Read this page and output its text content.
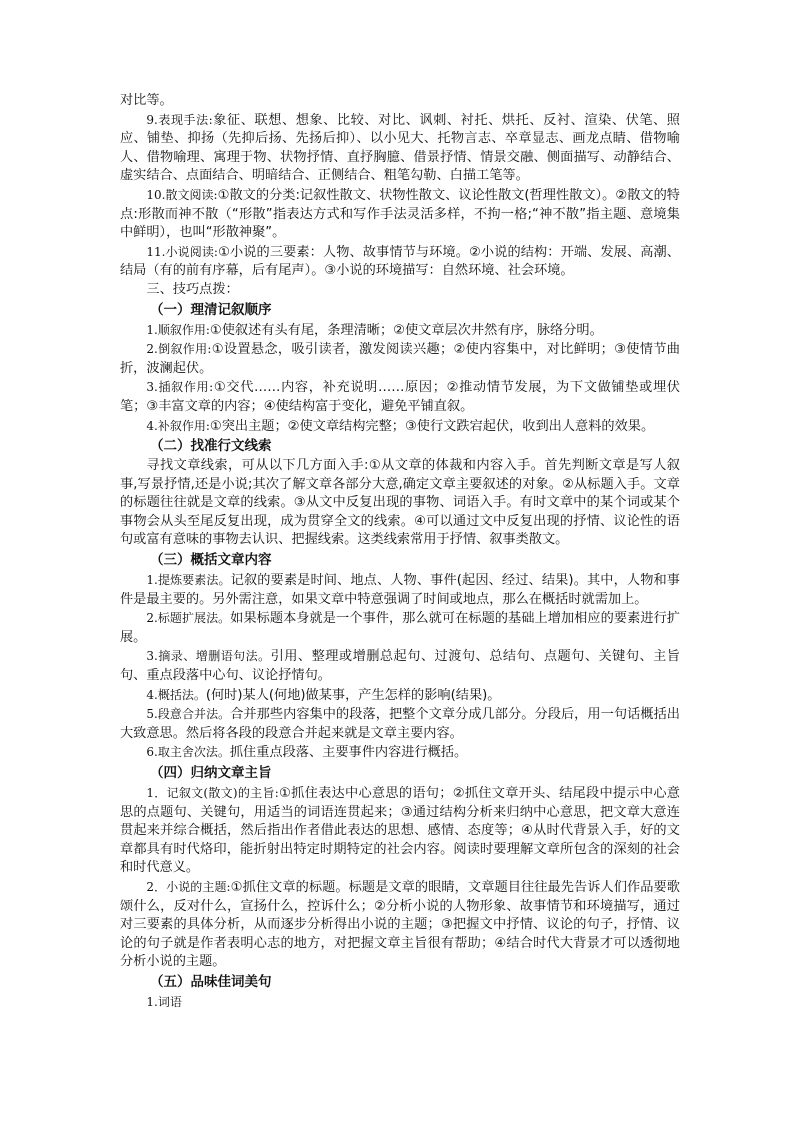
对比等。

9.表现手法:象征、联想、想象、比较、对比、讽刺、衬托、烘托、反衬、渲染、伏笔、照应、铺垫、抑扬（先抑后扬、先扬后抑）、以小见大、托物言志、卒章显志、画龙点睛、借物喻人、借物喻理、寓理于物、状物抒情、直抒胸臆、借景抒情、情景交融、侧面描写、动静结合、虚实结合、点面结合、明暗结合、正侧结合、粗笔勾勒、白描工笔等。

10.散文阅读:①散文的分类:记叙性散文、状物性散文、议论性散文(哲理性散文）。②散文的特点:形散而神不散（“形散”指表达方式和写作手法灵活多样，不拘一格;“神不散”指主题、意境集中鲜明），也叫“形散神聚”。

11.小说阅读:①小说的三要素：人物、故事情节与环境。②小说的结构：开端、发展、高潮、结局（有的前有序幕，后有尾声）。③小说的环境描写：自然环境、社会环境。

三、技巧点拨：

（一）理清记叙顺序

1.顺叙作用:①使叙述有头有尾，条理清晰；②使文章层次井然有序，脉络分明。

2.倒叙作用:①设置悬念，吸引读者，激发阅读兴趣；②使内容集中，对比鲜明；③使情节曲折，波澜起伏。

3.插叙作用:①交代……内容，补充说明……原因；②推动情节发展，为下文做铺垫或埋伏笔；③丰富文章的内容；④使结构富于变化，避免平铺直叙。

4.补叙作用:①突出主题；②使文章结构完整；③使行文跌宕起伏，收到出人意料的效果。

（二）找准行文线索

寻找文章线索，可从以下几方面入手:①从文章的体裁和内容入手。首先判断文章是写人叙事,写景抒情,还是小说;其次了解文章各部分大意,确定文章主要叙述的对象。②从标题入手。文章的标题往往就是文章的线索。③从文中反复出现的事物、词语入手。有时文章中的某个词或某个事物会从头至尾反复出现，成为贯穿全文的线索。④可以通过文中反复出现的抒情、议论性的语句或富有意味的事物去认识、把握线索。这类线索常用于抒情、叙事类散文。

（三）概括文章内容

1.提炼要素法。记叙的要素是时间、地点、人物、事件(起因、经过、结果)。其中，人物和事件是最主要的。另外需注意，如果文章中特意强调了时间或地点，那么在概括时就需加上。

2.标题扩展法。如果标题本身就是一个事件，那么就可在标题的基础上增加相应的要素进行扩展。

3.摘录、增删语句法。引用、整理或增删总起句、过渡句、总结句、点题句、关键句、主旨句、重点段落中心句、议论抒情句。

4.概括法。(何时)某人(何地)做某事，产生怎样的影响(结果)。

5.段意合并法。合并那些内容集中的段落，把整个文章分成几部分。分段后，用一句话概括出大致意思。然后将各段的段意合并起来就是文章主要内容。

6.取主舍次法。抓住重点段落、主要事件内容进行概括。

（四）归纳文章主旨

1．记叙文(散文)的主旨:①抓住表达中心意思的语句；②抓住文章开头、结尾段中提示中心意思的点题句、关键句，用适当的词语连贯起来；③通过结构分析来归纳中心意思，把文章大意连贯起来并综合概括，然后指出作者借此表达的思想、感情、态度等；④从时代背景入手，好的文章都具有时代烙印，能折射出特定时期特定的社会内容。阅读时要理解文章所包含的深刻的社会和时代意义。

2．小说的主题:①抓住文章的标题。标题是文章的眼睛，文章题目往往最先告诉人们作品要歌颂什么，反对什么，宣扬什么，控诉什么；②分析小说的人物形象、故事情节和环境描写，通过对三要素的具体分析，从而逐步分析得出小说的主题；③把握文中抒情、议论的句子，抒情、议论的句子就是作者表明心志的地方，对把握文章主旨很有帮助；④结合时代大背景才可以透彻地分析小说的主题。

（五）品味佳词美句

1.词语
